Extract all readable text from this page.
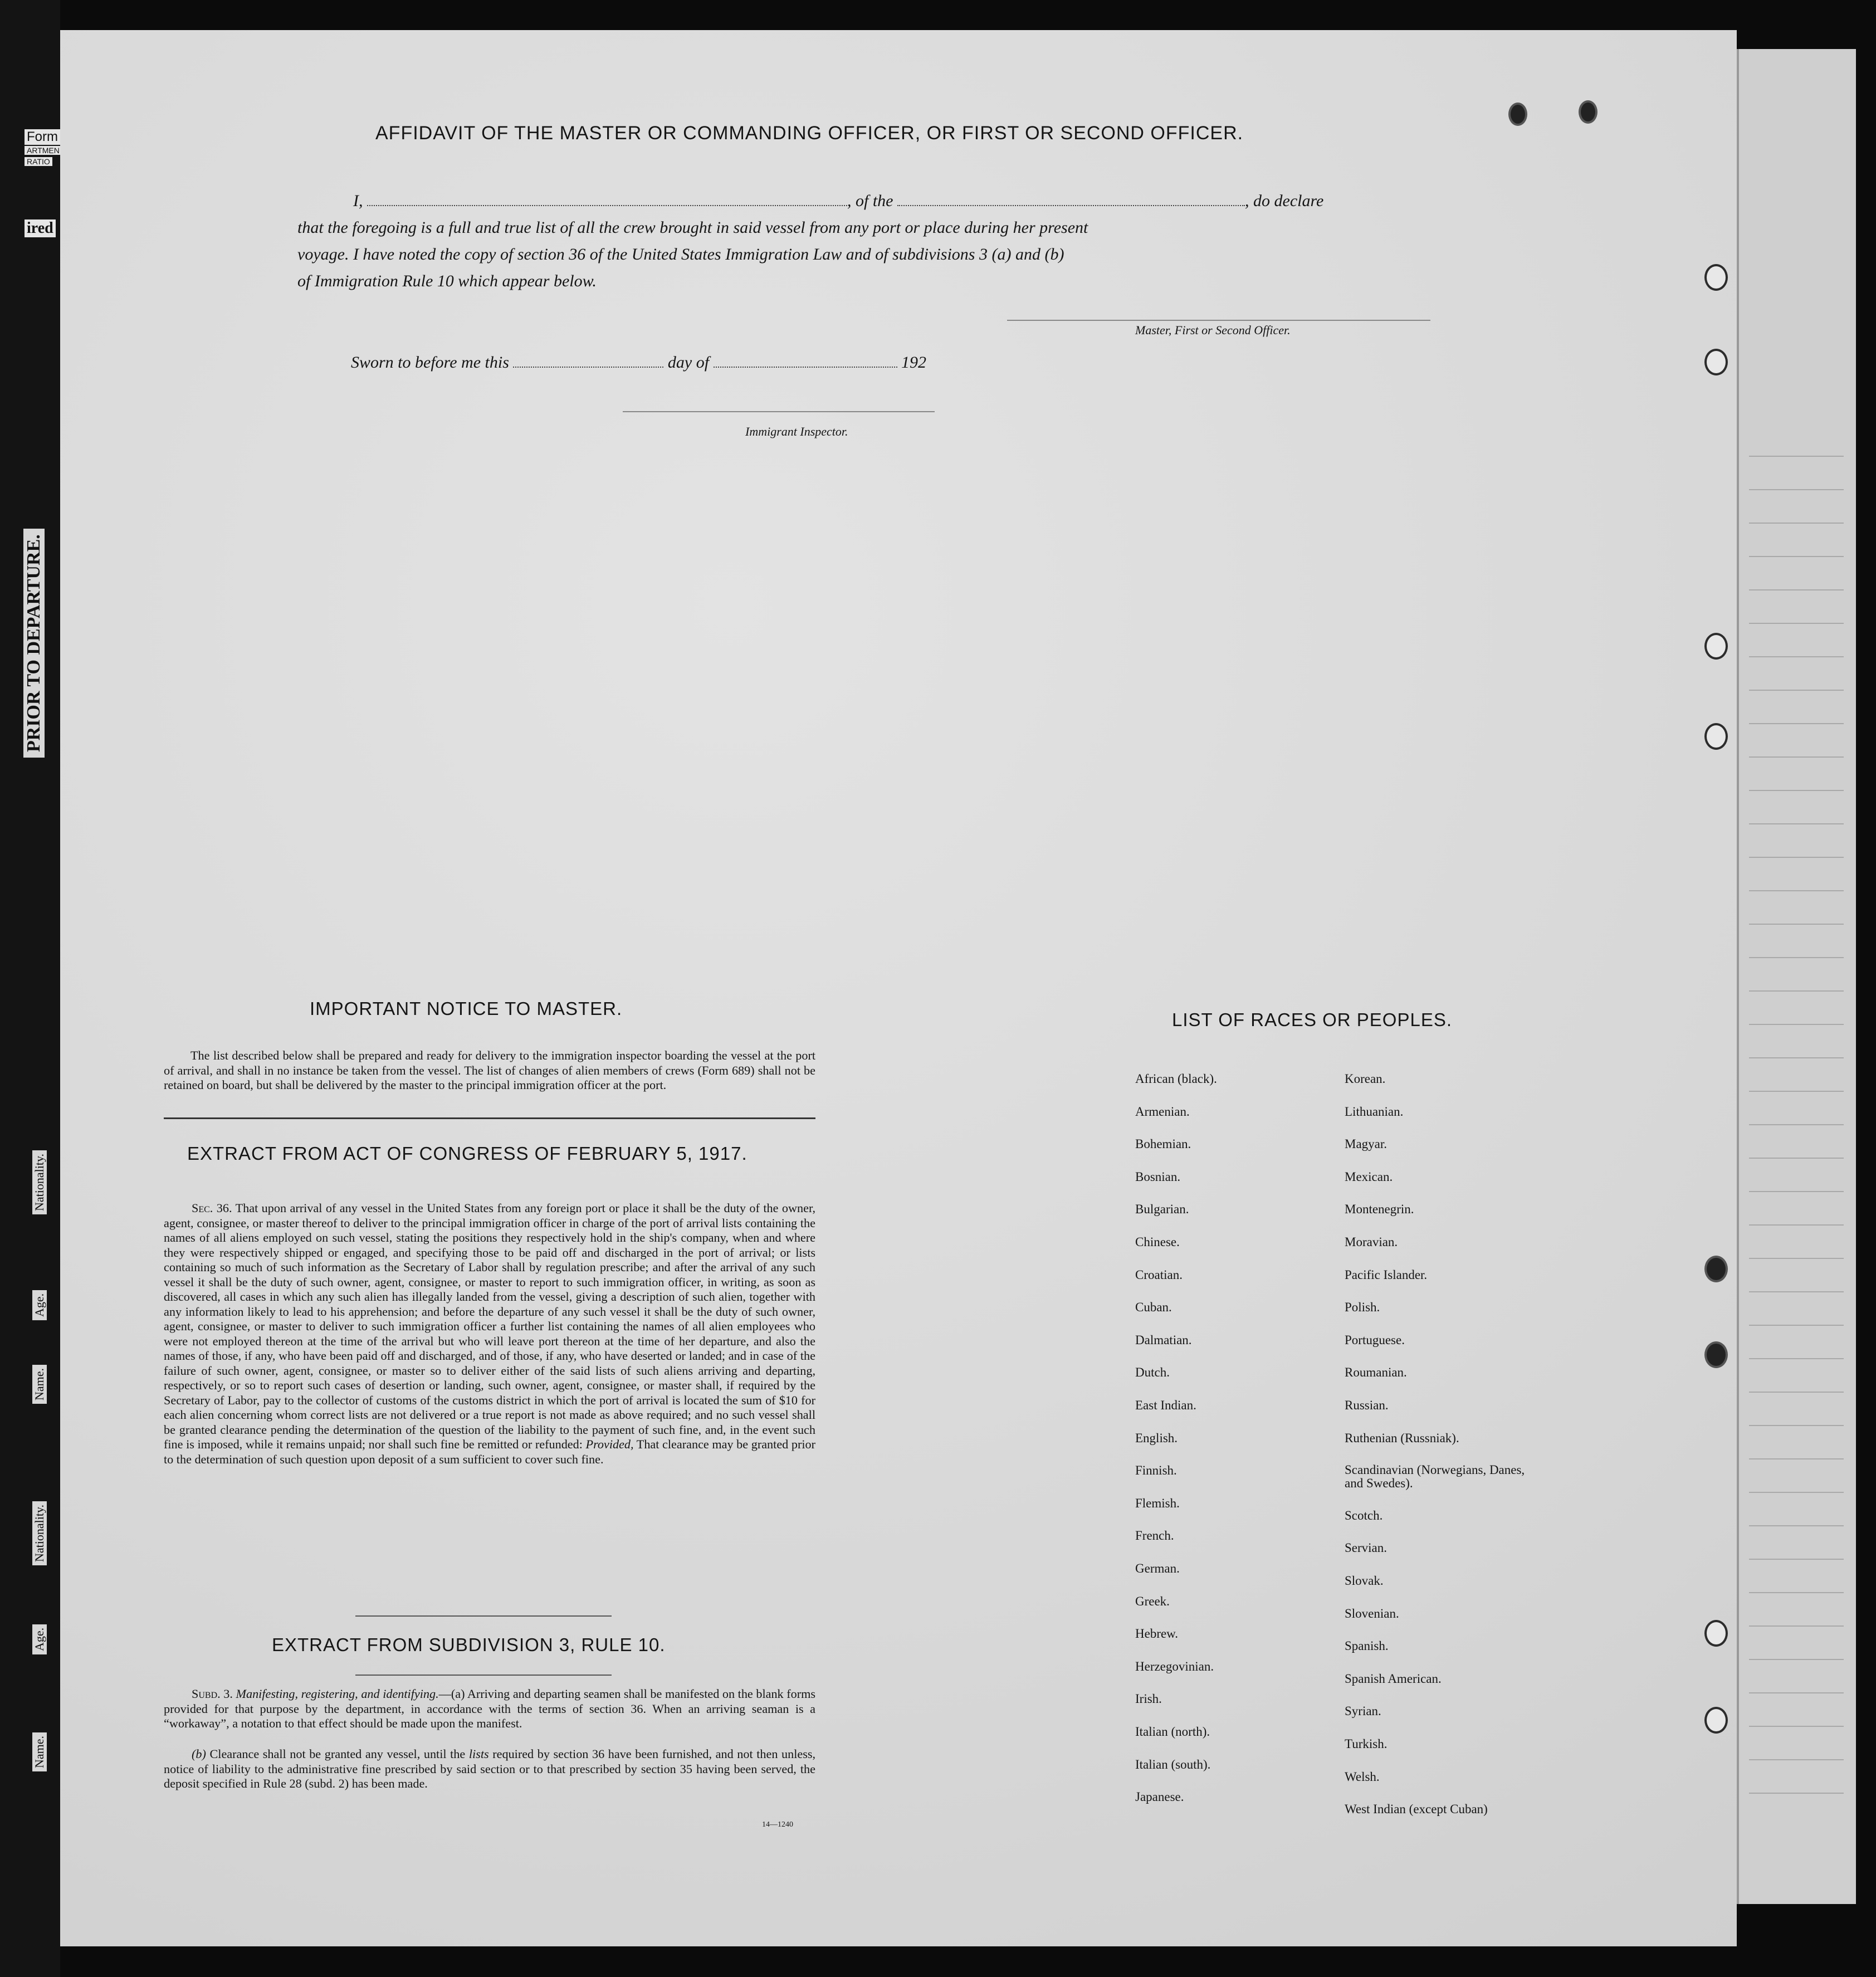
Form
ARTMEN
RATIO
ired
PRIOR TO DEPARTURE.
Nationality.
Age.
Name.
Nationality.
Age.
Name.
AFFIDAVIT OF THE MASTER OR COMMANDING OFFICER, OR FIRST OR SECOND OFFICER.
I,	, of the	, do declare
that the foregoing is a full and true list of all the crew brought in said vessel from any port or place during her present
voyage. I have noted the copy of section 36 of the United States Immigration Law and of subdivisions 3 (a) and (b)
of Immigration Rule 10 which appear below.
Master, First or Second Officer.
Sworn to before me this	day of	192
Immigrant Inspector.
IMPORTANT NOTICE TO MASTER.
The list described below shall be prepared and ready for delivery to the immigration inspector boarding the vessel at the port of arrival, and shall in no instance be taken from the vessel. The list of changes of alien members of crews (Form 689) shall not be retained on board, but shall be delivered by the master to the principal immigration officer at the port.
EXTRACT FROM ACT OF CONGRESS OF FEBRUARY 5, 1917.
Sec. 36. That upon arrival of any vessel in the United States from any foreign port or place it shall be the duty of the owner, agent, consignee, or master thereof to deliver to the principal immigration officer in charge of the port of arrival lists containing the names of all aliens employed on such vessel, stating the positions they respectively hold in the ship's company, when and where they were respectively shipped or engaged, and specifying those to be paid off and discharged in the port of arrival; or lists containing so much of such information as the Secretary of Labor shall by regulation prescribe; and after the arrival of any such vessel it shall be the duty of such owner, agent, consignee, or master to report to such immigration officer, in writing, as soon as discovered, all cases in which any such alien has illegally landed from the vessel, giving a description of such alien, together with any information likely to lead to his apprehension; and before the departure of any such vessel it shall be the duty of such owner, agent, consignee, or master to deliver to such immigration officer a further list containing the names of all alien employees who were not employed thereon at the time of the arrival but who will leave port thereon at the time of her departure, and also the names of those, if any, who have been paid off and discharged, and of those, if any, who have deserted or landed; and in case of the failure of such owner, agent, consignee, or master so to deliver either of the said lists of such aliens arriving and departing, respectively, or so to report such cases of desertion or landing, such owner, agent, consignee, or master shall, if required by the Secretary of Labor, pay to the collector of customs of the customs district in which the port of arrival is located the sum of $10 for each alien concerning whom correct lists are not delivered or a true report is not made as above required; and no such vessel shall be granted clearance pending the determination of the question of the liability to the payment of such fine, and, in the event such fine is imposed, while it remains unpaid; nor shall such fine be remitted or refunded: Provided, That clearance may be granted prior to the determination of such question upon deposit of a sum sufficient to cover such fine.
EXTRACT FROM SUBDIVISION 3, RULE 10.
Subd. 3. Manifesting, registering, and identifying.—(a) Arriving and departing seamen shall be manifested on the blank forms provided for that purpose by the department, in accordance with the terms of section 36. When an arriving seaman is a “workaway”, a notation to that effect should be made upon the manifest.
(b) Clearance shall not be granted any vessel, until the lists required by section 36 have been furnished, and not then unless, notice of liability to the administrative fine prescribed by said section or to that prescribed by section 35 having been served, the deposit specified in Rule 28 (subd. 2) has been made.
14—1240
LIST OF RACES OR PEOPLES.
African (black).
Armenian.
Bohemian.
Bosnian.
Bulgarian.
Chinese.
Croatian.
Cuban.
Dalmatian.
Dutch.
East Indian.
English.
Finnish.
Flemish.
French.
German.
Greek.
Hebrew.
Herzegovinian.
Irish.
Italian (north).
Italian (south).
Japanese.
Korean.
Lithuanian.
Magyar.
Mexican.
Montenegrin.
Moravian.
Pacific Islander.
Polish.
Portuguese.
Roumanian.
Russian.
Ruthenian (Russniak).
Scandinavian (Norwegians, Danes, and Swedes).
Scotch.
Servian.
Slovak.
Slovenian.
Spanish.
Spanish American.
Syrian.
Turkish.
Welsh.
West Indian (except Cuban)
